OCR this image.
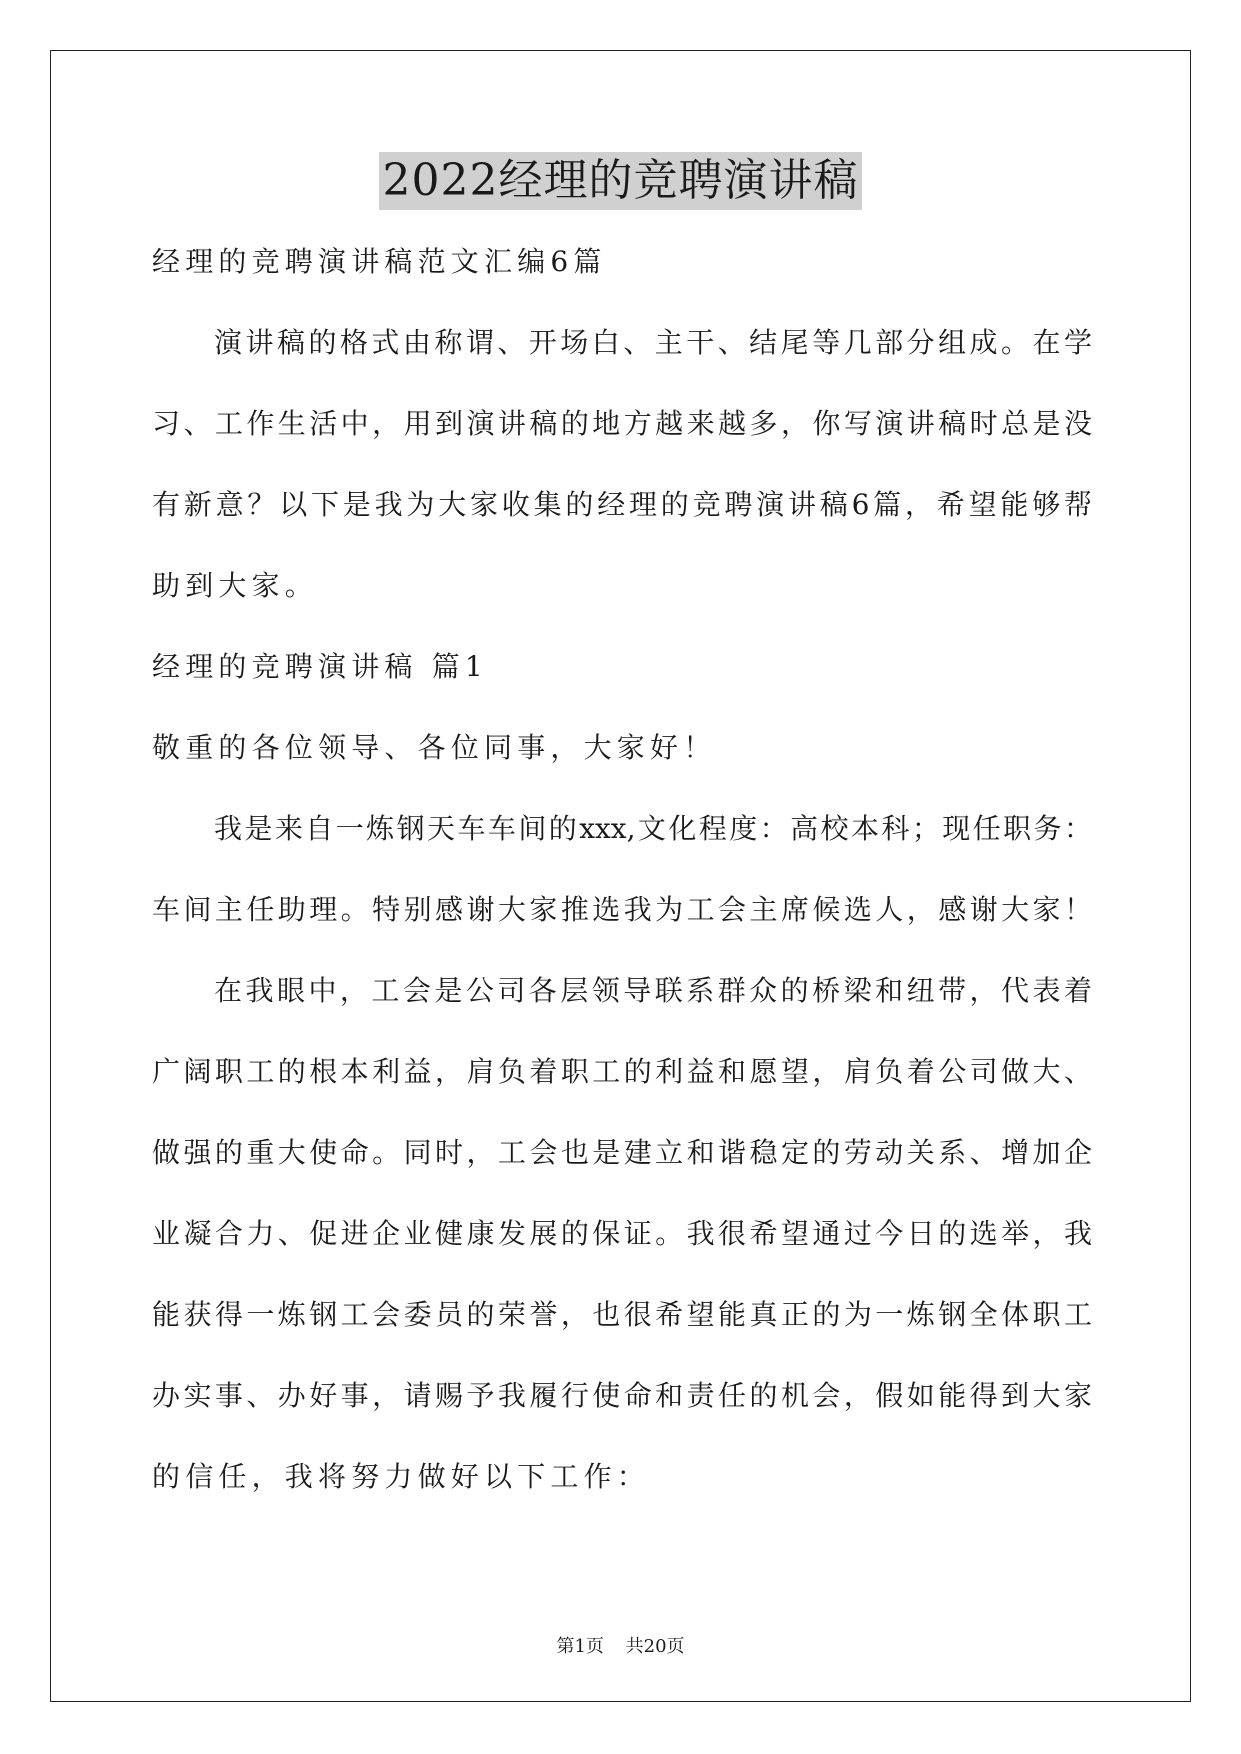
2022经理的竞聘演讲稿

经理的竞聘演讲稿范文汇编6篇

演讲稿的格式由称谓、开场白、主干、结尾等几部分组成。在学

习、工作生活中，用到演讲稿的地方越来越多，你写演讲稿时总是没

有新意？以下是我为大家收集的经理的竞聘演讲稿6篇，希望能够帮

助到大家。

经理的竞聘演讲稿 篇1

敬重的各位领导、各位同事，大家好！

我是来自一炼钢天车车间的xxx,文化程度：高校本科；现任职务：

车间主任助理。特别感谢大家推选我为工会主席候选人，感谢大家！

在我眼中，工会是公司各层领导联系群众的桥梁和纽带，代表着

广阔职工的根本利益，肩负着职工的利益和愿望，肩负着公司做大、

做强的重大使命。同时，工会也是建立和谐稳定的劳动关系、增加企

业凝合力、促进企业健康发展的保证。我很希望通过今日的选举，我

能获得一炼钢工会委员的荣誉，也很希望能真正的为一炼钢全体职工

办实事、办好事，请赐予我履行使命和责任的机会，假如能得到大家

的信任，我将努力做好以下工作：

第1页 共20页
